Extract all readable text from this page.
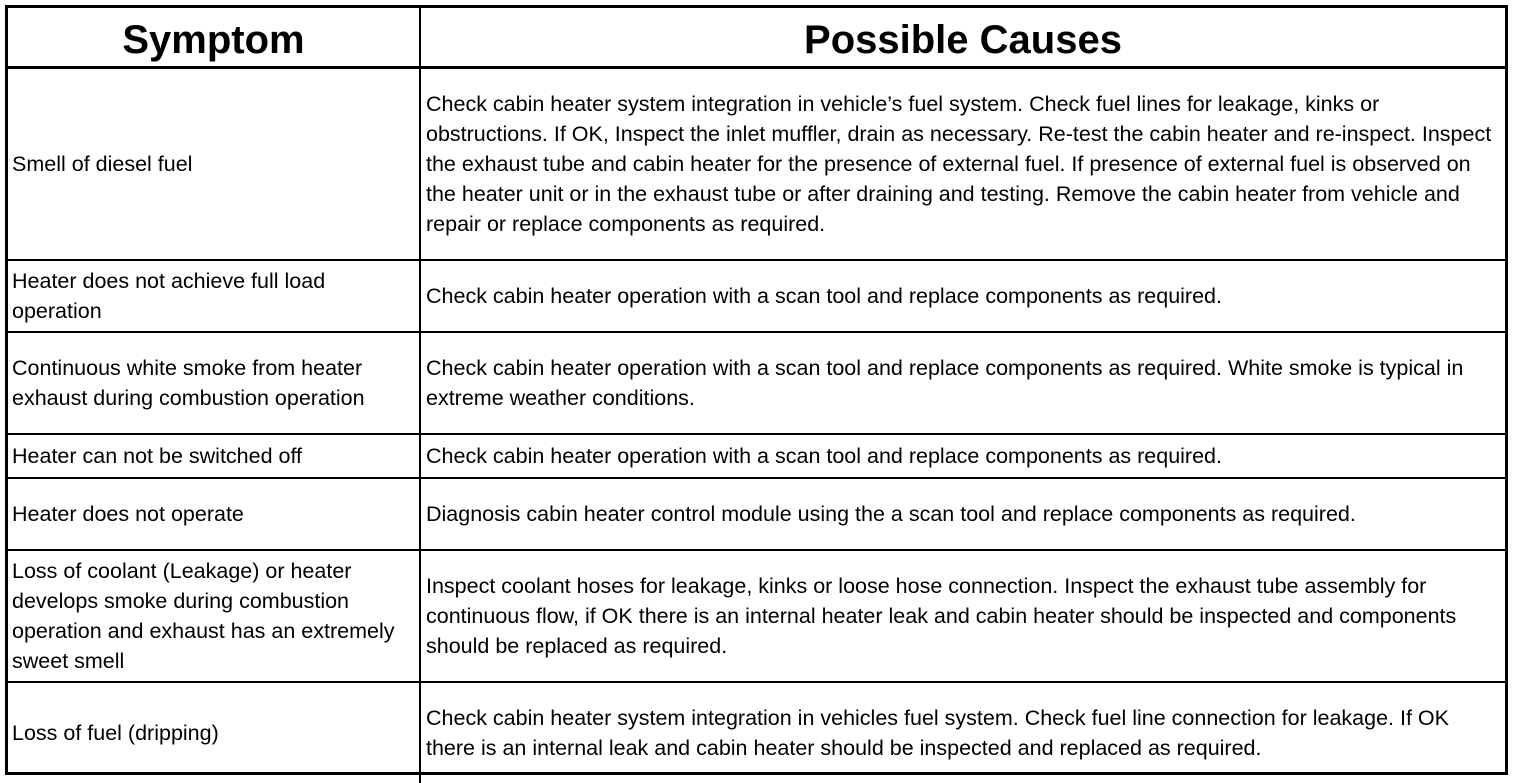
Symptom	Possible Causes
Smell of diesel fuel	Check cabin heater system integration in vehicle’s fuel system. Check fuel lines for leakage, kinks or obstructions. If OK, Inspect the inlet muffler, drain as necessary. Re-test the cabin heater and re-inspect. Inspect the exhaust tube and cabin heater for the presence of external fuel. If presence of external fuel is observed on the heater unit or in the exhaust tube or after draining and testing. Remove the cabin heater from vehicle and repair or replace components as required.
Heater does not achieve full load operation	Check cabin heater operation with a scan tool and replace components as required.
Continuous white smoke from heater exhaust during combustion operation	Check cabin heater operation with a scan tool and replace components as required. White smoke is typical in extreme weather conditions.
Heater can not be switched off	Check cabin heater operation with a scan tool and replace components as required.
Heater does not operate	Diagnosis cabin heater control module using the a scan tool and replace components as required.
Loss of coolant (Leakage) or heater develops smoke during combustion operation and exhaust has an extremely sweet smell	Inspect coolant hoses for leakage, kinks or loose hose connection. Inspect the exhaust tube assembly for continuous flow, if OK there is an internal heater leak and cabin heater should be inspected and components should be replaced as required.
Loss of fuel (dripping)	Check cabin heater system integration in vehicles fuel system. Check fuel line connection for leakage. If OK there is an internal leak and cabin heater should be inspected and replaced as required.
